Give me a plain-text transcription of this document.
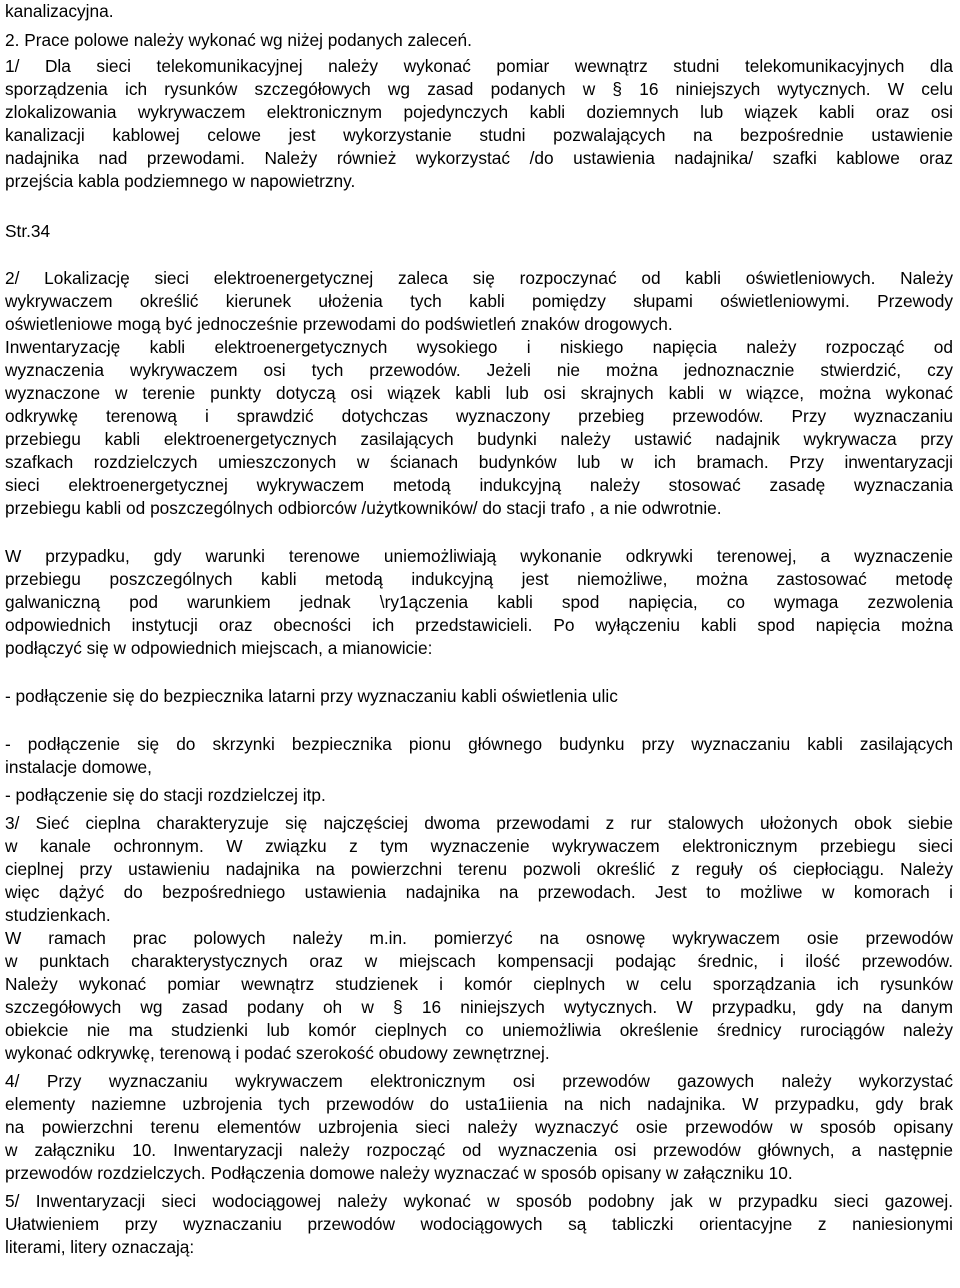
kanalizacyjna.

2. Prace polowe należy wykonać wg niżej podanych zaleceń.

1/ Dla sieci telekomunikacyjnej należy wykonać pomiar wewnątrz studni telekomunikacyjnych dla

sporządzenia ich rysunków szczegółowych wg zasad podanych w § 16 niniejszych wytycznych. W celu

zlokalizowania wykrywaczem elektronicznym pojedynczych kabli doziemnych lub wiązek kabli oraz osi

kanalizacji kablowej celowe jest wykorzystanie studni pozwalających na bezpośrednie ustawienie

nadajnika nad przewodami. Należy również wykorzystać /do ustawienia nadajnika/ szafki kablowe oraz

przejścia kabla podziemnego w napowietrzny.

Str.34

2/ Lokalizację sieci elektroenergetycznej zaleca się rozpoczynać od kabli oświetleniowych. Należy

wykrywaczem określić kierunek ułożenia tych kabli pomiędzy słupami oświetleniowymi. Przewody

oświetleniowe mogą być jednocześnie przewodami do podświetleń znaków drogowych.

Inwentaryzację kabli elektroenergetycznych wysokiego i niskiego napięcia należy rozpocząć od

wyznaczenia wykrywaczem osi tych przewodów. Jeżeli nie można jednoznacznie stwierdzić, czy

wyznaczone w terenie punkty dotyczą osi wiązek kabli lub osi skrajnych kabli w wiązce, można wykonać

odkrywkę terenową i sprawdzić dotychczas wyznaczony przebieg przewodów. Przy wyznaczaniu

przebiegu kabli elektroenergetycznych zasilających budynki należy ustawić nadajnik wykrywacza przy

szafkach rozdzielczych umieszczonych w ścianach budynków lub w ich bramach. Przy inwentaryzacji

sieci elektroenergetycznej wykrywaczem metodą indukcyjną należy stosować zasadę wyznaczania

przebiegu kabli od poszczególnych odbiorców /użytkowników/ do stacji trafo , a nie odwrotnie.

W przypadku, gdy warunki terenowe uniemożliwiają wykonanie odkrywki terenowej, a wyznaczenie

przebiegu poszczególnych kabli metodą indukcyjną jest niemożliwe, można zastosować metodę

galwaniczną pod warunkiem jednak \ry1ączenia kabli spod napięcia, co wymaga zezwolenia

odpowiednich instytucji oraz obecności ich przedstawicieli. Po wyłączeniu kabli spod napięcia można

podłączyć się w odpowiednich miejscach, a mianowicie:

- podłączenie się do bezpiecznika latarni przy wyznaczaniu kabli oświetlenia ulic

- podłączenie się do skrzynki bezpiecznika pionu głównego budynku przy wyznaczaniu kabli zasilających

instalacje domowe,

- podłączenie się do stacji rozdzielczej itp.

3/ Sieć cieplna charakteryzuje się najczęściej dwoma przewodami z rur stalowych ułożonych obok siebie

w kanale ochronnym. W związku z tym wyznaczenie wykrywaczem elektronicznym przebiegu sieci

cieplnej przy ustawieniu nadajnika na powierzchni terenu pozwoli określić z reguły oś ciepłociągu. Należy

więc dążyć do bezpośredniego ustawienia nadajnika na przewodach. Jest to możliwe w komorach i

studzienkach.

W ramach prac polowych należy m.in. pomierzyć na osnowę wykrywaczem osie przewodów

w punktach charakterystycznych oraz w miejscach kompensacji podając średnic, i ilość przewodów.

Należy wykonać pomiar wewnątrz studzienek i komór cieplnych w celu sporządzania ich rysunków

szczegółowych wg zasad podany oh w § 16 niniejszych wytycznych. W przypadku, gdy na danym

obiekcie nie ma studzienki lub komór cieplnych co uniemożliwia określenie średnicy rurociągów należy

wykonać odkrywkę, terenową i podać szerokość obudowy zewnętrznej.

4/ Przy wyznaczaniu wykrywaczem elektronicznym osi przewodów gazowych należy wykorzystać

elementy naziemne uzbrojenia tych przewodów do usta1iienia na nich nadajnika. W przypadku, gdy brak

na powierzchni terenu elementów uzbrojenia sieci należy wyznaczyć osie przewodów w sposób opisany

w załączniku 10. Inwentaryzacji należy rozpocząć od wyznaczenia osi przewodów głównych, a następnie

przewodów rozdzielczych. Podłączenia domowe należy wyznaczać w sposób opisany w załączniku 10.

5/ Inwentaryzacji sieci wodociągowej należy wykonać w sposób podobny jak w przypadku sieci gazowej.

Ułatwieniem przy wyznaczaniu przewodów wodociągowych są tabliczki orientacyjne z naniesionymi

literami, litery oznaczają:
